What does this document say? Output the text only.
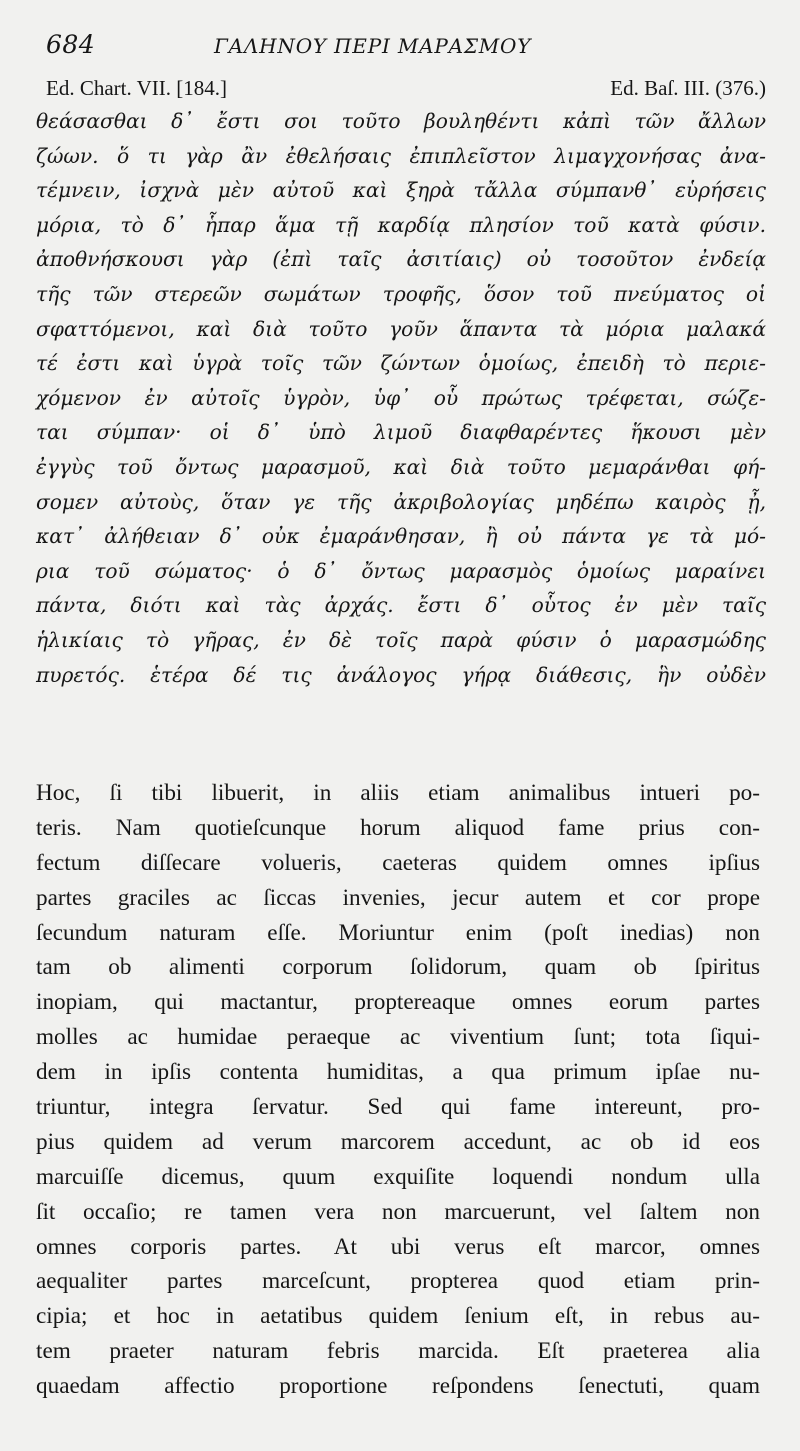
684	ΓΑΛΗΝΟΥ ΠΕΡΙ ΜΑΡΑΣΜΟΥ
Ed. Chart. VII. [184.]	Ed. Baſ. III. (376.)
θεάσασθαι δ᾽ ἔστι σοι τοῦτο βουληθέντι κἀπὶ τῶν ἄλλων
ζώων. ὅ τι γὰρ ἂν ἐθελήσαις ἐπιπλεῖστον λιμαγχονήσας ἀνα-
τέμνειν, ἰσχνὰ μὲν αὐτοῦ καὶ ξηρὰ τἄλλα σύμπανθ᾽ εὑρήσεις
μόρια, τὸ δ᾽ ἧπαρ ἅμα τῇ καρδίᾳ πλησίον τοῦ κατὰ φύσιν.
ἀποθνήσκουσι γὰρ (ἐπὶ ταῖς ἀσιτίαις) οὐ τοσοῦτον ἐνδείᾳ
τῆς τῶν στερεῶν σωμάτων τροφῆς, ὅσον τοῦ πνεύματος οἱ
σφαττόμενοι, καὶ διὰ τοῦτο γοῦν ἅπαντα τὰ μόρια μαλακά
τέ ἐστι καὶ ὑγρὰ τοῖς τῶν ζώντων ὁμοίως, ἐπειδὴ τὸ περιε-
χόμενον ἐν αὐτοῖς ὑγρὸν, ὑφ᾽ οὗ πρώτως τρέφεται, σώζε-
ται σύμπαν· οἱ δ᾽ ὑπὸ λιμοῦ διαφθαρέντες ἥκουσι μὲν
ἐγγὺς τοῦ ὄντως μαρασμοῦ, καὶ διὰ τοῦτο μεμαράνθαι φή-
σομεν αὐτοὺς, ὅταν γε τῆς ἀκριβολογίας μηδέπω καιρὸς ᾖ,
κατ᾽ ἀλήθειαν δ᾽ οὐκ ἐμαράνθησαν, ἢ οὐ πάντα γε τὰ μό-
ρια τοῦ σώματος· ὁ δ᾽ ὄντως μαρασμὸς ὁμοίως μαραίνει
πάντα, διότι καὶ τὰς ἀρχάς. ἔστι δ᾽ οὗτος ἐν μὲν ταῖς
ἡλικίαις τὸ γῆρας, ἐν δὲ τοῖς παρὰ φύσιν ὁ μαρασμώδης
πυρετός. ἑτέρα δέ τις ἀνάλογος γήρᾳ διάθεσις, ἣν οὐδὲν
Hoc, ſi tibi libuerit, in aliis etiam animalibus intueri po-
teris. Nam quotieſcunque horum aliquod fame prius con-
fectum diſſecare volueris, caeteras quidem omnes ipſius
partes graciles ac ſiccas invenies, jecur autem et cor prope
ſecundum naturam eſſe. Moriuntur enim (poſt inedias) non
tam ob alimenti corporum ſolidorum, quam ob ſpiritus
inopiam, qui mactantur, proptereaque omnes eorum partes
molles ac humidae peraeque ac viventium ſunt; tota ſiqui-
dem in ipſis contenta humiditas, a qua primum ipſae nu-
triuntur, integra ſervatur. Sed qui fame intereunt, pro-
pius quidem ad verum marcorem accedunt, ac ob id eos
marcuiſſe dicemus, quum exquiſite loquendi nondum ulla
ſit occaſio; re tamen vera non marcuerunt, vel ſaltem non
omnes corporis partes. At ubi verus eſt marcor, omnes
aequaliter partes marceſcunt, propterea quod etiam prin-
cipia; et hoc in aetatibus quidem ſenium eſt, in rebus au-
tem praeter naturam febris marcida. Eſt praeterea alia
quaedam affectio proportione reſpondens ſenectuti, quam
